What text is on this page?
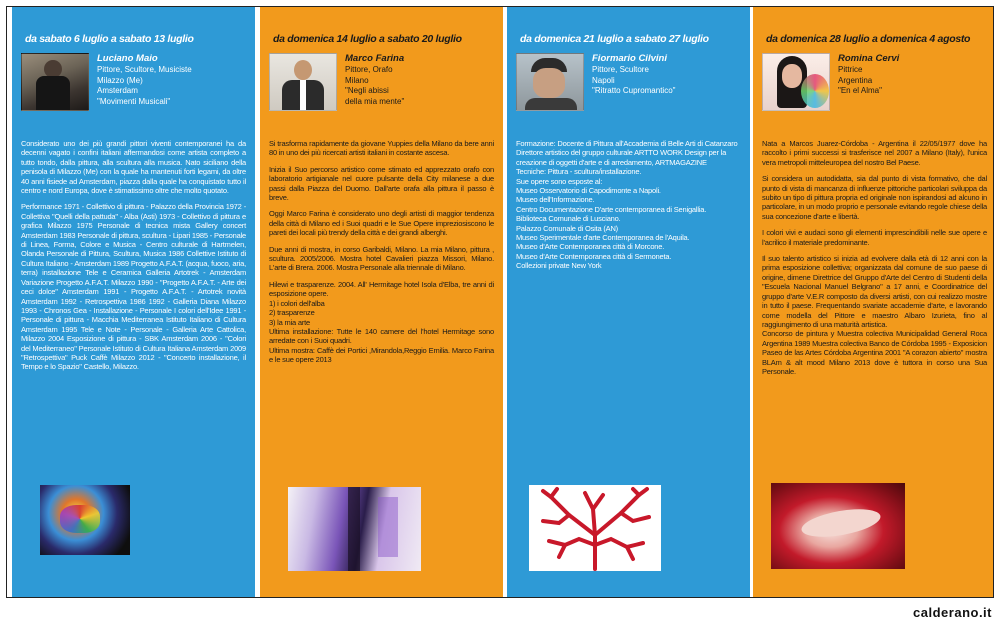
da sabato 6 luglio a sabato 13 luglio
Luciano Maio
Pittore, Scultore, Musiciste
Milazzo (Me)
Amsterdam
"Movimenti Musicali"

Considerato uno dei più grandi pittori viventi contemporanei ha da decenni vagato i confini italiani affermandosi come artista completo a tutto tondo, dalla pittura, alla scultura alla musica. Nato siciliano della penisola di Milazzo (Me) con la quale ha mantenuti forti legami, da oltre 40 anni fisiede ad Amsterdam, piazza dalla quale ha conquistato tutto il centro e nord Europa, dove è stimatissimo oltre che molto quotato.

Performance 1971 - Collettivo di pittura - Palazzo della Provincia 1972 - Collettiva "Quelli della pattuda" - Alba (Asti) 1973 - Collettivo di pittura e grafica Milazzo 1975 Personale di tecnica mista Gallery concert Amsterdam 1983 Personale di pittura, scultura - Lipari 1985 - Personale di Linea, Forma, Colore e Musica - Centro culturale di Hartmelen, Olanda Personale di Pittura, Scultura, Musica 1986 Collettive Istituto di Cultura Italiano - Amsterdam 1989 Progetto A.F.A.T. (acqua, fuoco, aria, terra) installazione Tele e Ceramica Galleria Artotrek - Amsterdam Variazione Progetto A.F.A.T. Milazzo 1990 - "Progetto A.F.A.T. - Arte dei ceci dolce" Amsterdam 1991 - Progetto A.F.A.T. - Artotrek novità Amsterdam 1992 - Retrospettiva 1986 1992 - Galleria Diana Milazzo 1993 - Chronos Gea - Installazione - Personale I colori dell'Idee 1991 - Personale di pittura - Macchia Mediterranea Istituto Italiano di Cultura Amsterdam 1995 Tele e Note - Personale - Galleria Arte Cattolica, Milazzo 2004 Esposizione di pittura - SBK Amsterdam 2006 - "Colori del Mediterraneo" Personale Istituto di Cultura Italiana Amsterdam 2009 "Retrospettiva" Puck Caffè Milazzo 2012 - "Concerto installazione, il Tempo e lo Spazio" Castello, Milazzo.

da domenica 14 luglio a sabato 20 luglio
Marco Farina
Pittore, Orafo
Milano
"Negli abissi
della mia mente"

Si trasforma rapidamente da giovane Yuppies della Milano da bere anni 80 in uno dei più ricercati artisti italiani in costante ascesa.

Inizia il Suo percorso artistico come stimato ed apprezzato orafo con laboratorio artigianale nel cuore pulsante della City milanese a due passi dalla Piazza del Duomo. Dall'arte orafa alla pittura il passo è breve.

Oggi Marco Farina è considerato uno degli artisti di maggior tendenza della città di Milano ed i Suoi quadri e le Sue Opere impreziosiscono le pareti dei locali più trendy della città e dei grandi alberghi.

Due anni di mostra, in corso Garibaldi, Milano. La mia Milano, pittura , scultura. 2005/2006. Mostra hotel Cavalieri piazza Missori, Milano. L'arte di Brera. 2006. Mostra Personale alla triennale di Milano.

Hilewi e trasparenze. 2004. All' Hermitage hotel Isola d'Elba, tre anni di esposizione opere.

1) i colori dell'alba

2) trasparenze

3) la mia arte

Ultima installazione: Tutte le 140 camere del l'hotel Hermitage sono arredate con i Suoi quadri.

Ultima mostra: Caffè dei Portici ,Mirandola,Reggio Emilia. Marco Farina e le sue opere 2013

da domenica 21 luglio a sabato 27 luglio
Fiormario Cilvini
Pittore, Scultore
Napoli
"Ritratto Cupromantico"

Formazione: Docente di Pittura all'Accademia di Belle Arti di Catanzaro Direttore artistico del gruppo culturale ARTTO WORK Design per la creazione di oggetti d'arte e di arredamento, ARTMAGAZINE

Tecniche: Pittura - scultura/installazione.

Sue opere sono esposte al:

Museo Osservatorio di Capodimonte a Napoli.

Museo dell'Informazione.

Centro Documentazione D'arte contemporanea di Senigallia.

Biblioteca Comunale di Lusciano.

Palazzo Comunale di Osita (AN)

Museo Sperimentale d'arte Contemporanea de l'Aquila.

Museo d'Arte Contemporanea città di Morcone.

Museo d'Arte Contemporanea città di Sermoneta.

Collezioni private New York

da domenica 28 luglio a domenica 4 agosto
Romina Cervi
Pittrice
Argentina
"En el Alma"

Nata a Marcos Juarez-Córdoba - Argentina il 22/05/1977 dove ha raccolto i primi successi si trasferisce nel 2007 a Milano (Italy), l'unica vera metropoli mitteleuropea del nostro Bel Paese.

Si considera un autodidatta, sia dal punto di vista formativo, che dal punto di vista di mancanza di influenze pittoriche particolari sviluppa da subito un tipo di pittura propria ed originale non ispirandosi ad alcuno in particolare, in un modo proprio e personale evitando regole chiese della sua concezione d'arte e libertà.

I colori vivi e audaci sono gli elementi imprescindibili nelle sue opere e l'acrilico il materiale predominante.

Il suo talento artistico si inizia ad evolvere dalla età di 12 anni con la prima esposizione collettiva; organizzata dal comune de suo paese di origine, dimene Direttrice del Gruppo d'Arte del Centro di Studenti della "Escuela Nacional Manuel Belgrano" a 17 anni, e Coordinatrice del gruppo d'arte V.E.R composto da diversi artisti, con cui realizzo mostre in tutto il paese. Frequentando svariate accademie d'arte, e lavorando come modella del Pittore e maestro Albaro Izurieta, fino al raggiungimento di una maturità artistica.

Concorso de pintura y Muestra colectiva Municipalidad General Roca Argentina 1989 Muestra colectiva Banco de Córdoba 1995 - Exposicion Paseo de las Artes Córdoba Argentina 2001 "A corazon abierto" mostra BLAm & alt mood Milano 2013 dove è tuttora in corso una Sua Personale.

calderano.it
